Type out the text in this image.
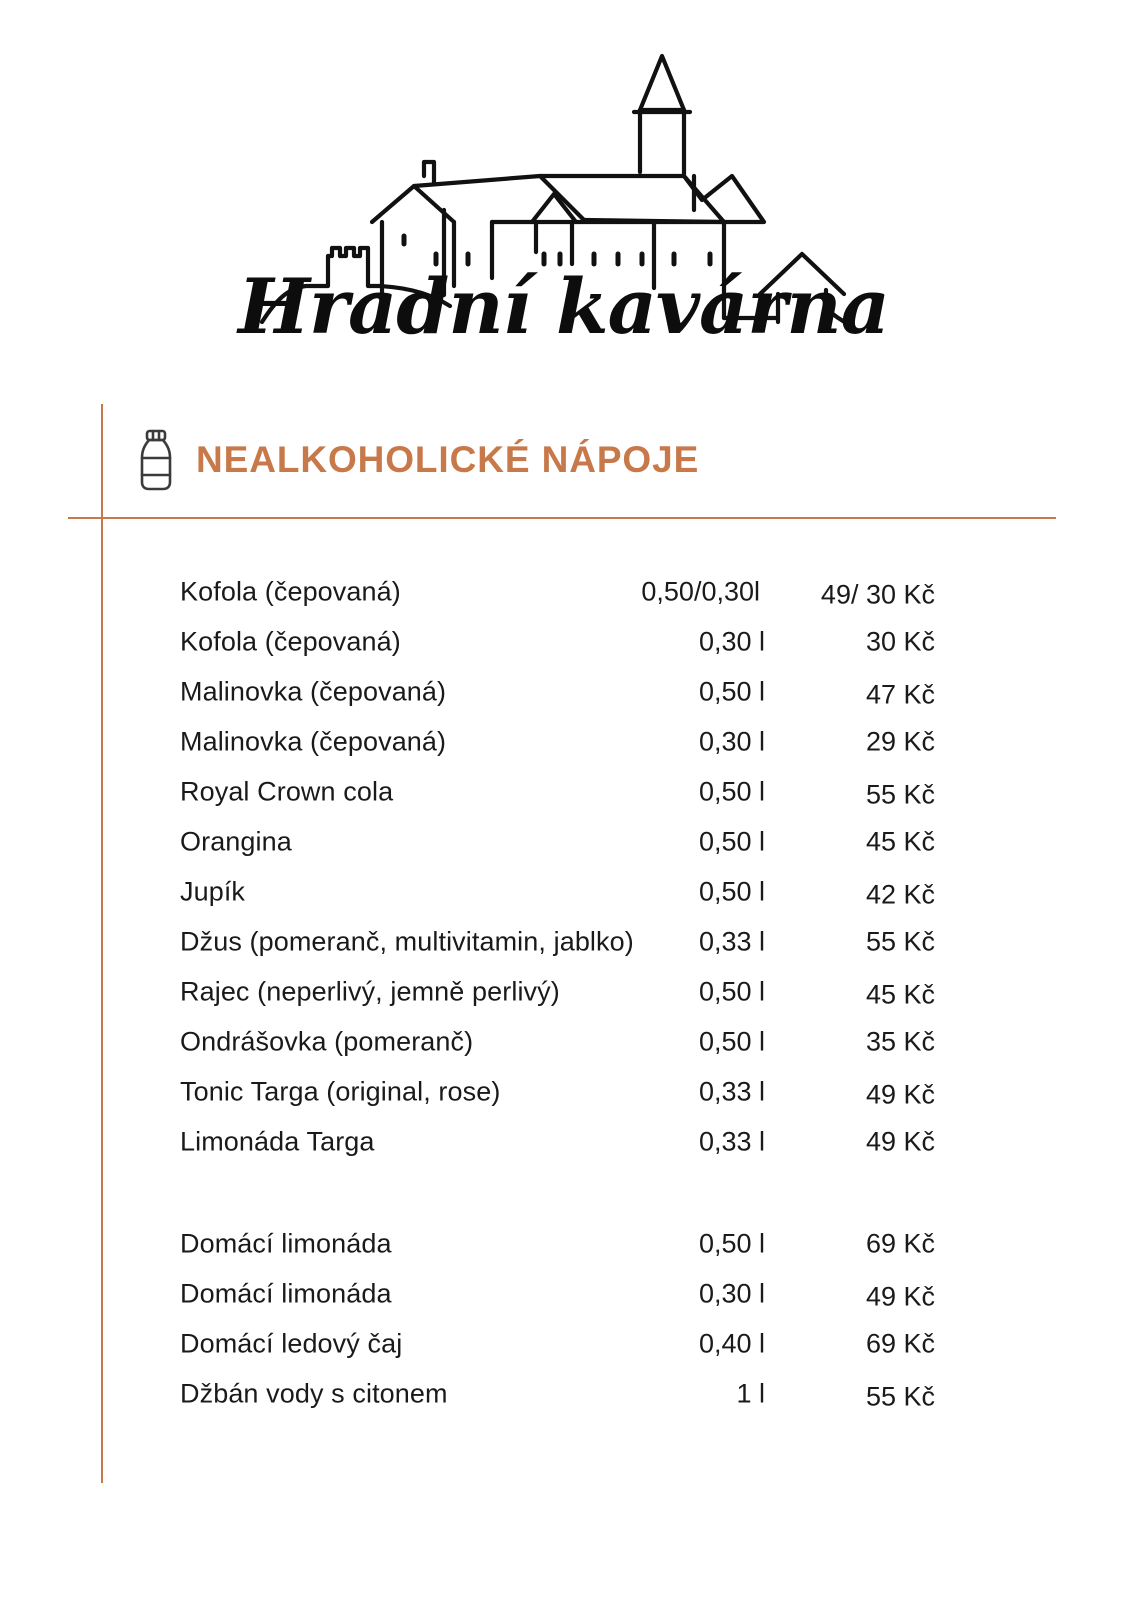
Hradní kavárna
NEALKOHOLICKÉ NÁPOJE
Kofola (čepovaná)	0,50/0,30l	49/ 30 Kč
Kofola (čepovaná)	0,30 l	30 Kč
Malinovka (čepovaná)	0,50 l	47 Kč
Malinovka (čepovaná)	0,30 l	29 Kč
Royal Crown cola	0,50 l	55 Kč
Orangina	0,50 l	45 Kč
Jupík	0,50 l	42 Kč
Džus (pomeranč, multivitamin, jablko)	0,33 l	55 Kč
Rajec (neperlivý, jemně perlivý)	0,50 l	45 Kč
Ondrášovka (pomeranč)	0,50 l	35 Kč
Tonic Targa (original, rose)	0,33 l	49 Kč
Limonáda Targa	0,33 l	49 Kč
Domácí limonáda	0,50 l	69 Kč
Domácí limonáda	0,30 l	49 Kč
Domácí ledový čaj	0,40 l	69 Kč
Džbán vody s citonem	1 l	55 Kč
